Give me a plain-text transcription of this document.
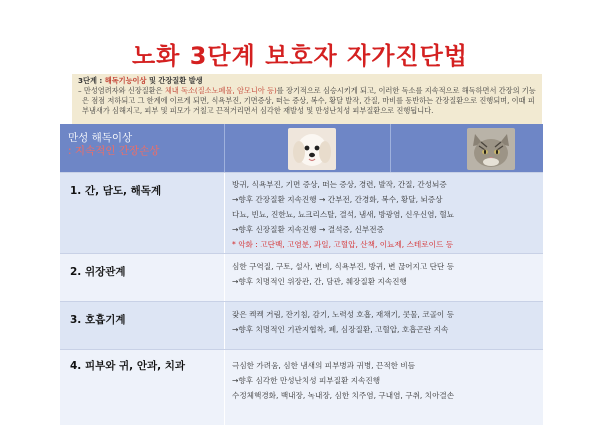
노화 3단계 보호자 자가진단법
3단계 : 해독기능이상 및 간장질환 발생
– 만성염려자와 신장질환은 체내 독소(질소노폐물, 암모니아 등)를 장기적으로 심승시키게 되고, 이러한 독소를 지속적으로 해독하면서 간장의 기능은 점점 저하되고 그 한계에 이르게 되면, 식욕부진, 기면증상, 떠는 증상, 복수, 황달 발작, 간질, 마비를 동반하는 간장질환으로 진행되며, 이때 피부냄새가 심해지고, 피부 및 피모가 거칠고 끈적거리면서 심각한 재발성 및 만성난치성 피부질환으로 진행됩니다.
만성 해독이상
: 지속적인 간장손상
1. 간, 담도, 해독계
방귀, 식욕부진, 기면 증상, 떠는 증상, 경련, 발작, 간질, 간성뇌증
→향후 간장질환 지속진행 → 간부전, 간경화, 복수, 황달, 뇌증상
다뇨, 빈뇨, 진한뇨, 뇨크리스탈, 결석, 냄새, 방광염, 신우신염, 혈뇨
→향후 신장질환 지속진행 → 결석증, 신부전증
* 악화 : 고단백, 고염분, 과일, 고혈압, 산책, 이뇨제, 스테로이드 등
2. 위장관계	심한 구역질, 구토, 설사, 변비, 식욕부진, 방귀, 변 끊어지고 단단 등
→향후 치명적인 위장관, 간, 담관, 췌장질환 지속진행
3. 호흡기계	잦은 켁켁 거림, 잔기침, 감기, 노력성 호흡, 재채기, 콧물, 코골이 등
→향후 치명적인 기관지협착, 폐, 심장질환, 고혈압, 호흡곤란 지속
4. 피부와 귀, 안과, 치과	극심한 가려움, 심한 냄새의 피부병과 귀병, 끈적한 비듬
→향후 심각한 만성난치성 피부질환 지속진행
수정체핵경화, 백내장, 녹내장, 심한 치주염, 구내염, 구취, 치아결손
